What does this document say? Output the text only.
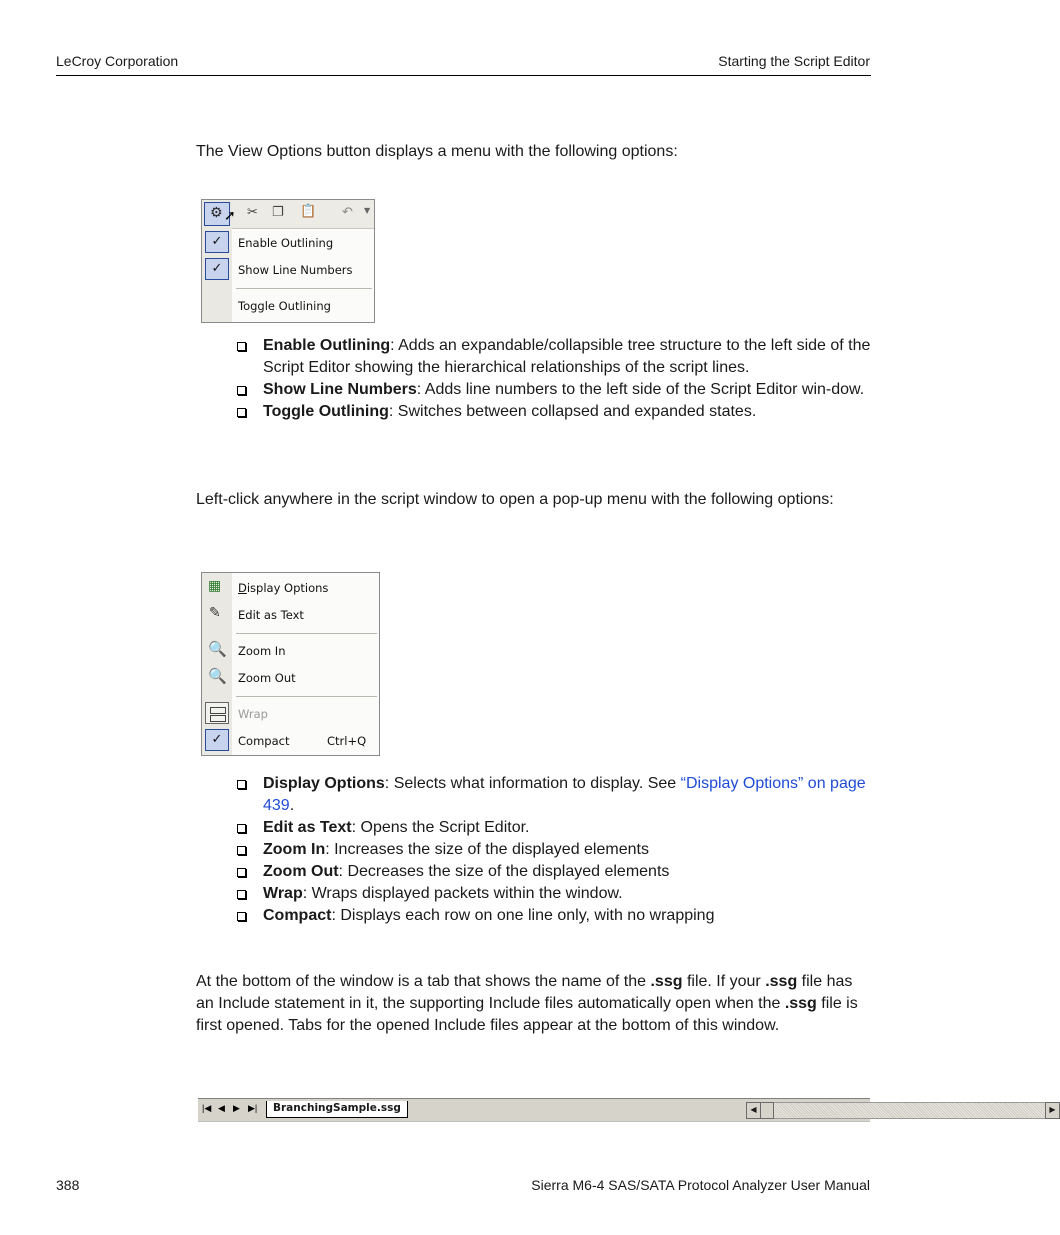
LeCroy Corporation	Starting the Script Editor
The View Options button displays a menu with the following options:
⚙ ➚ ✂ ❐ 📋 ↶ ▼
✓	Enable Outlining
✓	Show Line Numbers
Toggle Outlining
Enable Outlining: Adds an expandable/collapsible tree structure to the left side of the Script Editor showing the hierarchical relationships of the script lines.
Show Line Numbers: Adds line numbers to the left side of the Script Editor win-dow.
Toggle Outlining: Switches between collapsed and expanded states.
Left-click anywhere in the script window to open a pop-up menu with the following options:
▦ Display Options
✎ Edit as Text
🔍 Zoom In
🔍 Zoom Out
Wrap
✓	Compact	Ctrl+Q
Display Options: Selects what information to display. See “Display Options” on page 439.
Edit as Text: Opens the Script Editor.
Zoom In: Increases the size of the displayed elements
Zoom Out: Decreases the size of the displayed elements
Wrap: Wraps displayed packets within the window.
Compact: Displays each row on one line only, with no wrapping
At the bottom of the window is a tab that shows the name of the .ssg file. If your .ssg file has an Include statement in it, the supporting Include files automatically open when the .ssg file is first opened. Tabs for the opened Include files appear at the bottom of this window.
|◀ ◀ ▶ ▶|	BranchingSample.ssg	◀	▶
388	Sierra M6-4 SAS/SATA Protocol Analyzer User Manual
